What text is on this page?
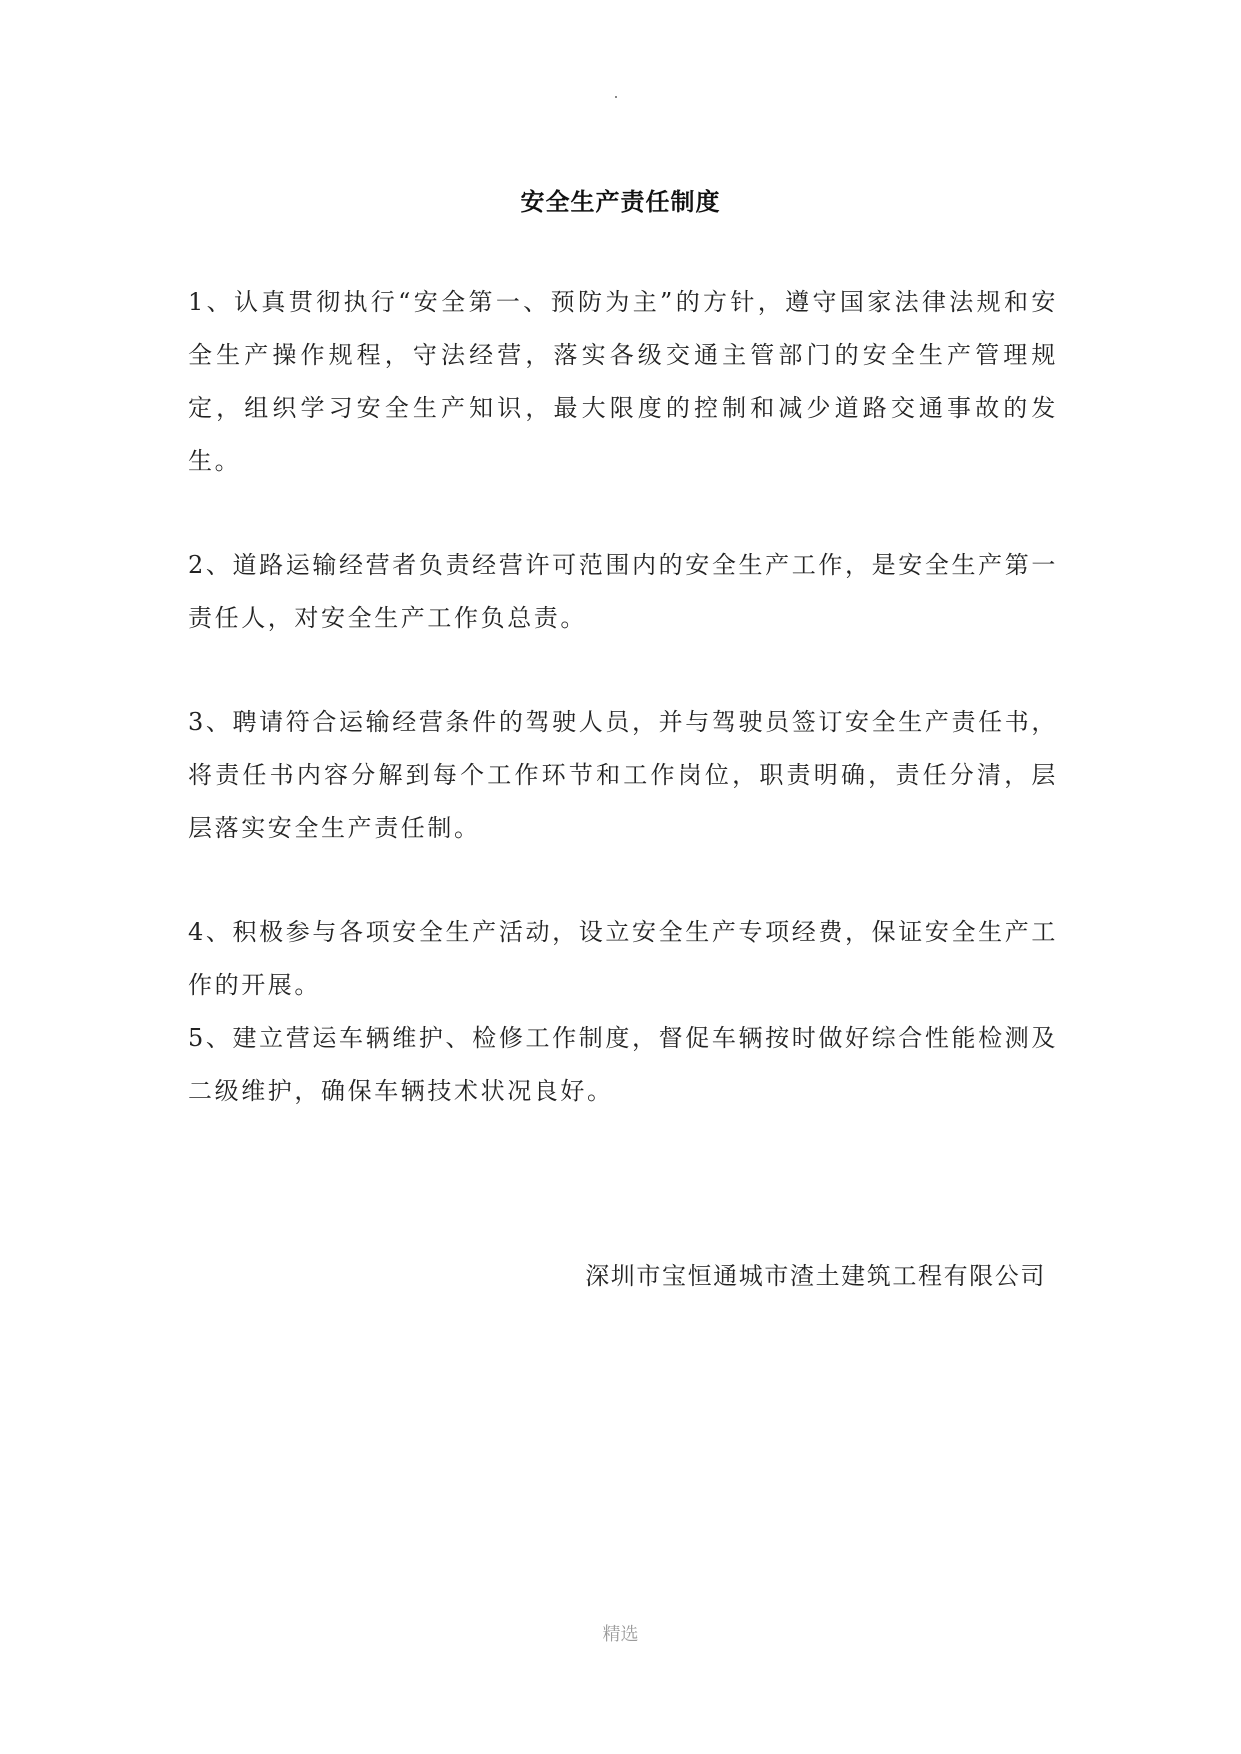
安全生产责任制度

1、认真贯彻执行“安全第一、预防为主”的方针，遵守国家法律法规和安全生产操作规程，守法经营，落实各级交通主管部门的安全生产管理规定，组织学习安全生产知识，最大限度的控制和减少道路交通事故的发生。

2、道路运输经营者负责经营许可范围内的安全生产工作，是安全生产第一责任人，对安全生产工作负总责。

3、聘请符合运输经营条件的驾驶人员，并与驾驶员签订安全生产责任书，将责任书内容分解到每个工作环节和工作岗位，职责明确，责任分清，层层落实安全生产责任制。

4、积极参与各项安全生产活动，设立安全生产专项经费，保证安全生产工作的开展。

5、建立营运车辆维护、检修工作制度，督促车辆按时做好综合性能检测及二级维护，确保车辆技术状况良好。

深圳市宝恒通城市渣土建筑工程有限公司

精选
